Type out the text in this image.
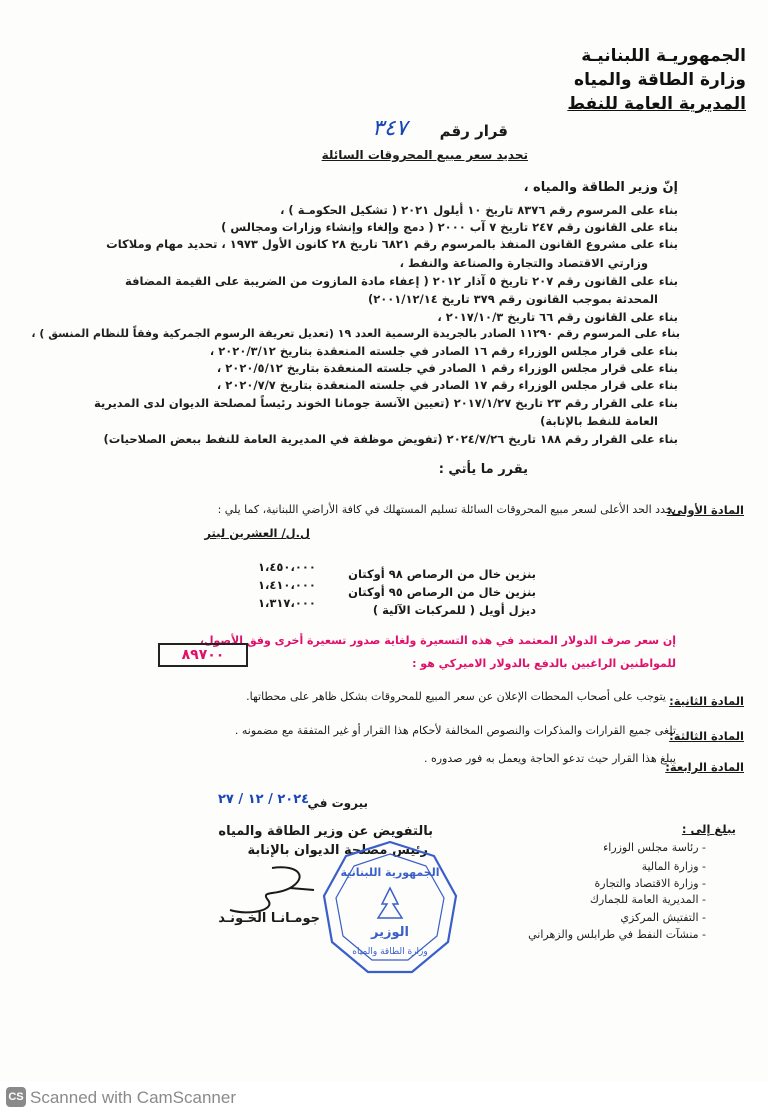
الجمهوريـة اللبنانيـة
وزارة الطاقة والمياه
المديرية العامة للنفط
قرار رقم
٣٤٧
تحديد سعر مبيع المحروقات السائلة
إنّ وزير الطاقة والمياه ،
بناء على المرسوم رقم ٨٣٧٦ تاريخ ١٠ أيلول ٢٠٢١ ( تشكيل الحكومـة ) ،
بناء على القانون رقم ٢٤٧ تاريخ ٧ آب ٢٠٠٠ ( دمج وإلغاء وإنشاء وزارات ومجالس )
بناء على مشروع القانون المنفذ بالمرسوم رقم ٦٨٢١ تاريخ ٢٨ كانون الأول ١٩٧٣ ، تحديد مهام وملاكات
وزارتي الاقتصاد والتجارة والصناعة والنفط ،
بناء على القانون رقم ٢٠٧ تاريخ ٥ آذار ٢٠١٢ ( إعفاء مادة المازوت من الضريبة على القيمة المضافة
المحدثة بموجب القانون رقم ٣٧٩ تاريخ ٢٠٠١/١٢/١٤)
بناء على القانون رقم ٦٦ تاريخ ٢٠١٧/١٠/٣ ،
بناء على المرسوم رقم ١١٢٩٠ الصادر بالجريدة الرسمية العدد ١٩ (تعديل تعريفة الرسوم الجمركية وفقاً للنظام المنسق ) ،
بناء على قرار مجلس الوزراء رقم ١٦ الصادر في جلسته المنعقدة بتاريخ ٢٠٢٠/٣/١٢ ،
بناء على قرار مجلس الوزراء رقم ١ الصادر في جلسته المنعقدة بتاريخ ٢٠٢٠/٥/١٢ ،
بناء على قرار مجلس الوزراء رقم ١٧ الصادر في جلسته المنعقدة بتاريخ ٢٠٢٠/٧/٧ ،
بناء على القرار رقم ٢٣ تاريخ ٢٠١٧/١/٢٧ (تعيين الآنسة جومانا الخوند رئيساً لمصلحة الديوان لدى المديرية
العامة للنفط بالإنابة)
بناء على القرار رقم ١٨٨ تاريخ ٢٠٢٤/٧/٢٦ (تفويض موظفة في المديرية العامة للنفط ببعض الصلاحيات)
يقرر ما يأتي :
المادة الأولى:
يحدد الحد الأعلى لسعر مبيع المحروقات السائلة تسليم المستهلك في كافة الأراضي اللبنانية، كما يلي :
ل.ل/ العشرين ليتر
بنزين خال من الرصاص ٩٨ أوكتان
١،٤٥٠،٠٠٠
بنزين خال من الرصاص ٩٥ أوكتان
١،٤١٠،٠٠٠
ديزل أويل ( للمركبات الآلية )
١،٣١٧،٠٠٠
إن سعر صرف الدولار المعتمد في هذه التسعيرة ولغاية صدور تسعيرة أخرى وفق الأصول،
للمواطنين الراغبين بالدفع بالدولار الاميركي هو :
٨٩٧٠٠
المادة الثانية:
يتوجب على أصحاب المحطات الإعلان عن سعر المبيع للمحروقات بشكل ظاهر على محطاتها.
المادة الثالثة:
تلغى جميع القرارات والمذكرات والنصوص المخالفة لأحكام هذا القرار أو غير المتفقة مع مضمونه .
المادة الرابعة:
يبلغ هذا القرار حيث تدعو الحاجة ويعمل به فور صدوره .
بيروت في
٢٠٢٤ / ١٢ / ٢٧
بالتفويض عن وزير الطاقة والمياه
رئيس مصلحة الديوان بالإنابة
جومـانـا الخـونـد
الجمهورية اللبنانية
الوزير
وزارة الطاقة والمياه
يبلغ إلى :
- رئاسة مجلس الوزراء
- وزارة المالية
- وزارة الاقتصاد والتجارة
- المديرية العامة للجمارك
- التفتيش المركزي
- منشآت النفط في طرابلس والزهراني
CS Scanned with CamScanner
